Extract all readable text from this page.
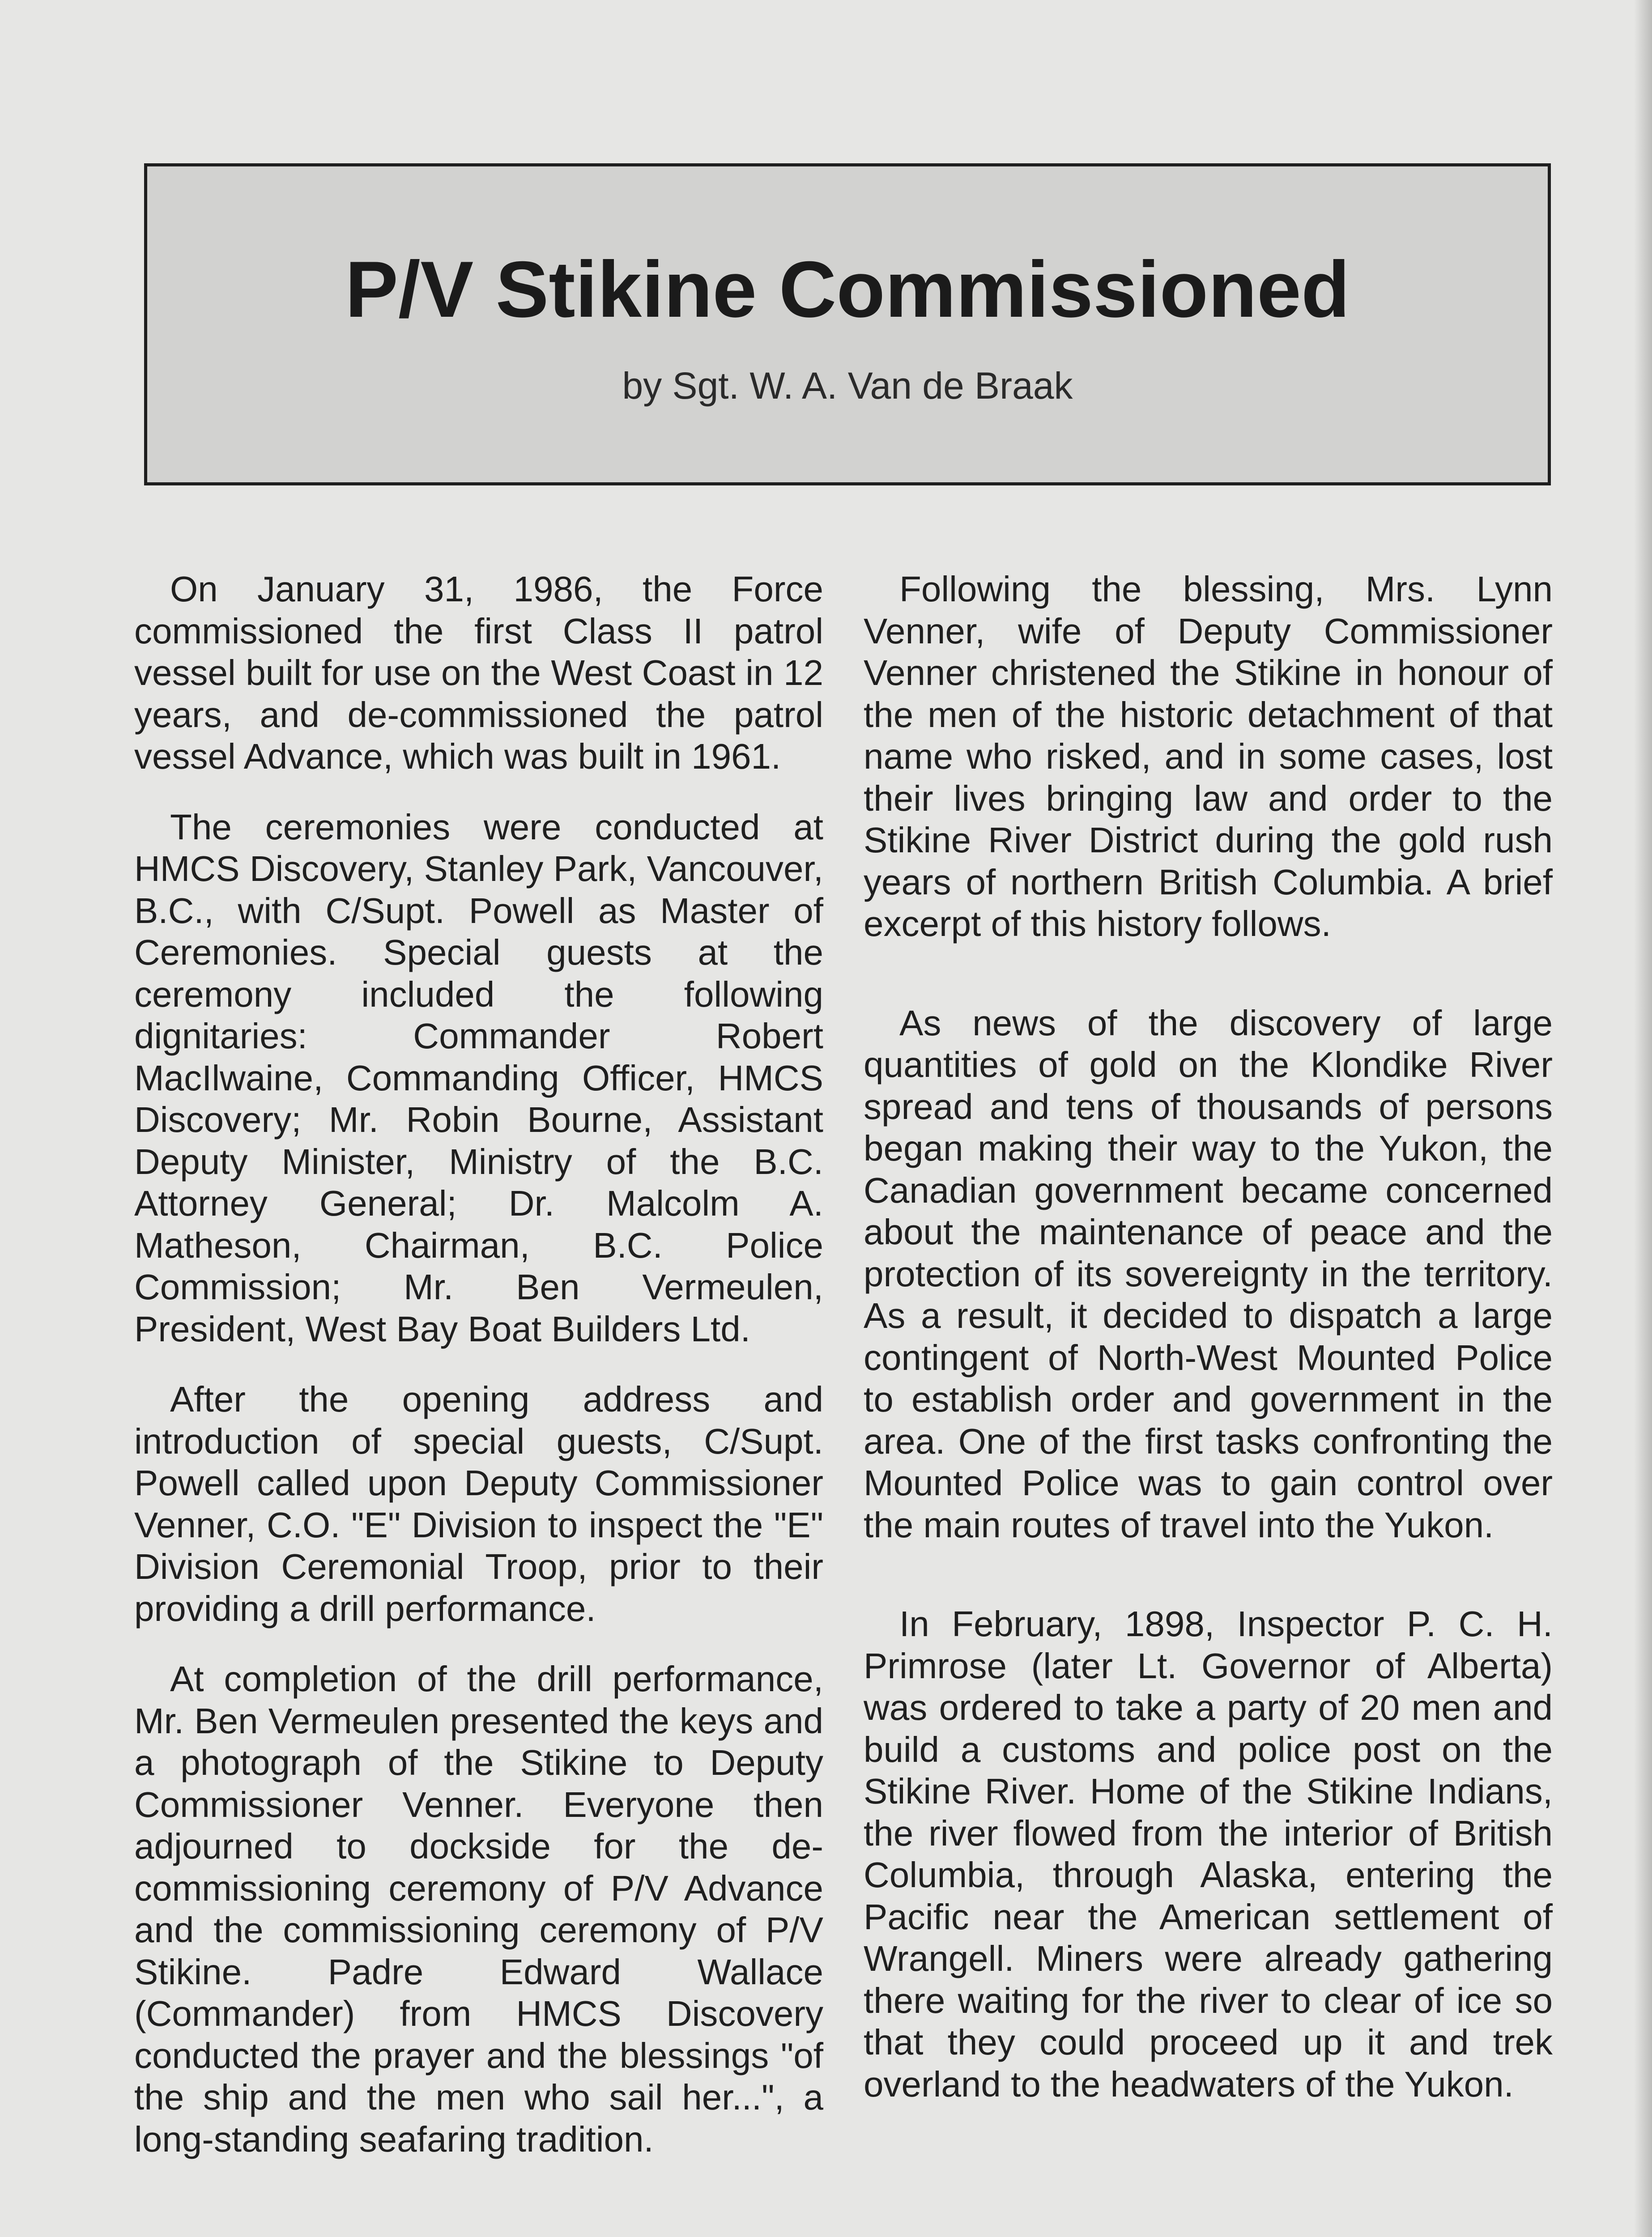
P/V Stikine Commissioned

by Sgt. W. A. Van de Braak

On January 31, 1986, the Force commissioned the first Class II patrol vessel built for use on the West Coast in 12 years, and de-commissioned the patrol vessel Advance, which was built in 1961.

The ceremonies were conducted at HMCS Discovery, Stanley Park, Vancouver, B.C., with C/Supt. Powell as Master of Ceremonies. Special guests at the ceremony included the following dignitaries: Commander Robert MacIlwaine, Commanding Officer, HMCS Discovery; Mr. Robin Bourne, Assistant Deputy Minister, Ministry of the B.C. Attorney General; Dr. Malcolm A. Matheson, Chairman, B.C. Police Commission; Mr. Ben Vermeulen, President, West Bay Boat Builders Ltd.

After the opening address and introduction of special guests, C/Supt. Powell called upon Deputy Commissioner Venner, C.O. "E" Division to inspect the "E" Division Ceremonial Troop, prior to their providing a drill performance.

At completion of the drill performance, Mr. Ben Vermeulen presented the keys and a photograph of the Stikine to Deputy Commissioner Venner. Everyone then adjourned to dockside for the de-commissioning ceremony of P/V Advance and the commissioning ceremony of P/V Stikine. Padre Edward Wallace (Commander) from HMCS Discovery conducted the prayer and the blessings "of the ship and the men who sail her...", a long-standing seafaring tradition.

Following the blessing, Mrs. Lynn Venner, wife of Deputy Commissioner Venner christened the Stikine in honour of the men of the historic detachment of that name who risked, and in some cases, lost their lives bringing law and order to the Stikine River District during the gold rush years of northern British Columbia. A brief excerpt of this history follows.

As news of the discovery of large quantities of gold on the Klondike River spread and tens of thousands of persons began making their way to the Yukon, the Canadian government became concerned about the maintenance of peace and the protection of its sovereignty in the territory. As a result, it decided to dispatch a large contingent of North-West Mounted Police to establish order and government in the area. One of the first tasks confronting the Mounted Police was to gain control over the main routes of travel into the Yukon.

In February, 1898, Inspector P. C. H. Primrose (later Lt. Governor of Alberta) was ordered to take a party of 20 men and build a customs and police post on the Stikine River. Home of the Stikine Indians, the river flowed from the interior of British Columbia, through Alaska, entering the Pacific near the American settlement of Wrangell. Miners were already gathering there waiting for the river to clear of ice so that they could proceed up it and trek overland to the headwaters of the Yukon.
